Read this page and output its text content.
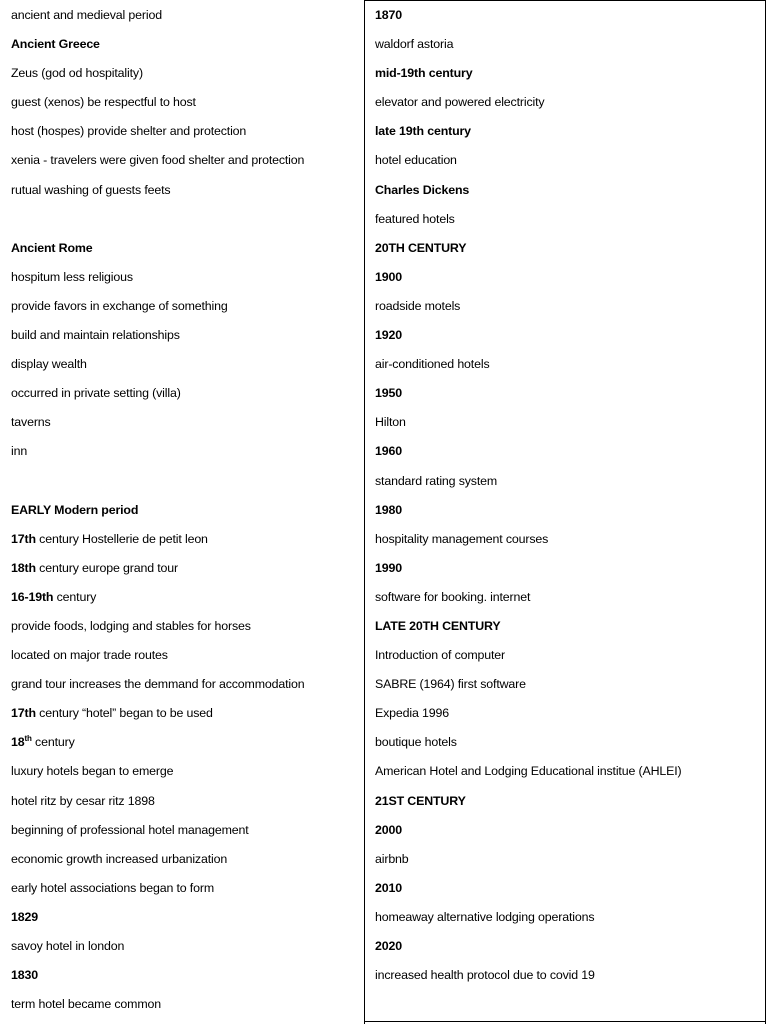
ancient and medieval period
Ancient Greece
Zeus (god od hospitality)
guest (xenos) be respectful to host
host (hospes) provide shelter and protection
xenia - travelers were given food shelter and protection
rutual washing of guests feets
Ancient Rome
hospitum less religious
provide favors in exchange of something
build and maintain relationships
display wealth
occurred in private setting (villa)
taverns
inn
EARLY Modern period
17th century Hostellerie de petit leon
18th century europe grand tour
16-19th century
provide foods, lodging and stables for horses
located on major trade routes
grand tour increases the demmand for accommodation
17th century “hotel” began to be used
18th century
luxury hotels began to emerge
hotel ritz by cesar ritz 1898
beginning of professional hotel management
economic growth increased urbanization
early hotel associations began to form
1829
savoy hotel in london
1830
term hotel became common
1870
waldorf astoria
mid-19th century
elevator and powered electricity
late 19th century
hotel education
Charles Dickens
featured hotels
20TH CENTURY
1900
roadside motels
1920
air-conditioned hotels
1950
Hilton
1960
standard rating system
1980
hospitality management courses
1990
software for booking. internet
LATE 20TH CENTURY
Introduction of computer
SABRE (1964) first software
Expedia 1996
boutique hotels
American Hotel and Lodging Educational institue (AHLEI)
21ST CENTURY
2000
airbnb
2010
homeaway alternative lodging operations
2020
increased health protocol due to covid 19
